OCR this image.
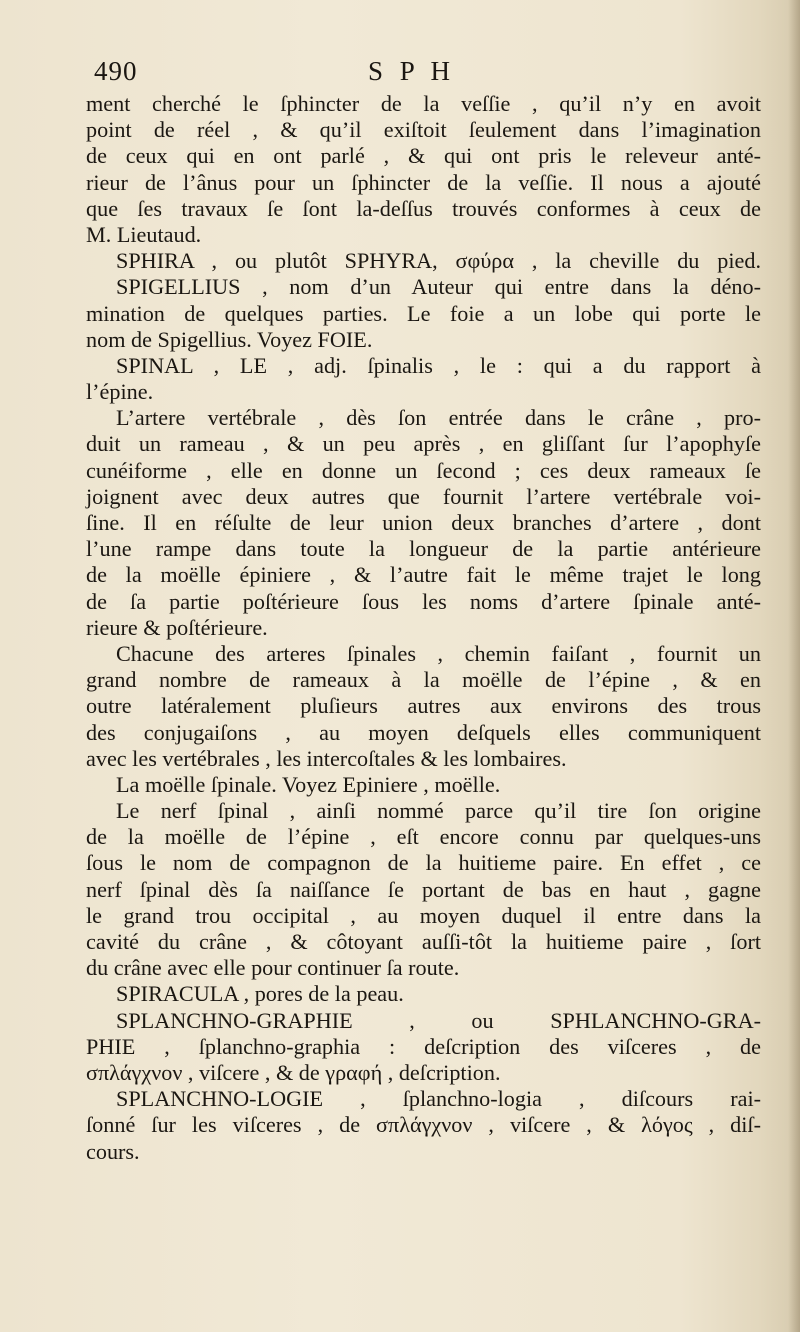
490	S P H
ment cherché le ſphincter de la veſſie , qu’il n’y en avoit
point de réel , & qu’il exiſtoit ſeulement dans l’imagination
de ceux qui en ont parlé , & qui ont pris le releveur anté-
rieur de l’ânus pour un ſphincter de la veſſie. Il nous a ajouté
que ſes travaux ſe ſont la-deſſus trouvés conformes à ceux de
M. Lieutaud.
SPHIRA , ou plutôt SPHYRA, σφύρα , la cheville du pied.
SPIGELLIUS , nom d’un Auteur qui entre dans la déno-
mination de quelques parties. Le foie a un lobe qui porte le
nom de Spigellius. Voyez FOIE.
SPINAL , LE , adj. ſpinalis , le : qui a du rapport à
l’épine.
L’artere vertébrale , dès ſon entrée dans le crâne , pro-
duit un rameau , & un peu après , en gliſſant ſur l’apophyſe
cunéiforme , elle en donne un ſecond ; ces deux rameaux ſe
joignent avec deux autres que fournit l’artere vertébrale voi-
ſine. Il en réſulte de leur union deux branches d’artere , dont
l’une rampe dans toute la longueur de la partie antérieure
de la moëlle épiniere , & l’autre fait le même trajet le long
de ſa partie poſtérieure ſous les noms d’artere ſpinale anté-
rieure & poſtérieure.
Chacune des arteres ſpinales , chemin faiſant , fournit un
grand nombre de rameaux à la moëlle de l’épine , & en
outre latéralement pluſieurs autres aux environs des trous
des conjugaiſons , au moyen deſquels elles communiquent
avec les vertébrales , les intercoſtales & les lombaires.
La moëlle ſpinale. Voyez Epiniere , moëlle.
Le nerf ſpinal , ainſi nommé parce qu’il tire ſon origine
de la moëlle de l’épine , eſt encore connu par quelques-uns
ſous le nom de compagnon de la huitieme paire. En effet , ce
nerf ſpinal dès ſa naiſſance ſe portant de bas en haut , gagne
le grand trou occipital , au moyen duquel il entre dans la
cavité du crâne , & côtoyant auſſi-tôt la huitieme paire , ſort
du crâne avec elle pour continuer ſa route.
SPIRACULA , pores de la peau.
SPLANCHNO-GRAPHIE , ou SPHLANCHNO-GRA-
PHIE , ſplanchno-graphia : deſcription des viſceres , de
σπλάγχνον , viſcere , & de γραφή , deſcription.
SPLANCHNO-LOGIE , ſplanchno-logia , diſcours rai-
ſonné ſur les viſceres , de σπλάγχνον , viſcere , & λόγος , diſ-
cours.
